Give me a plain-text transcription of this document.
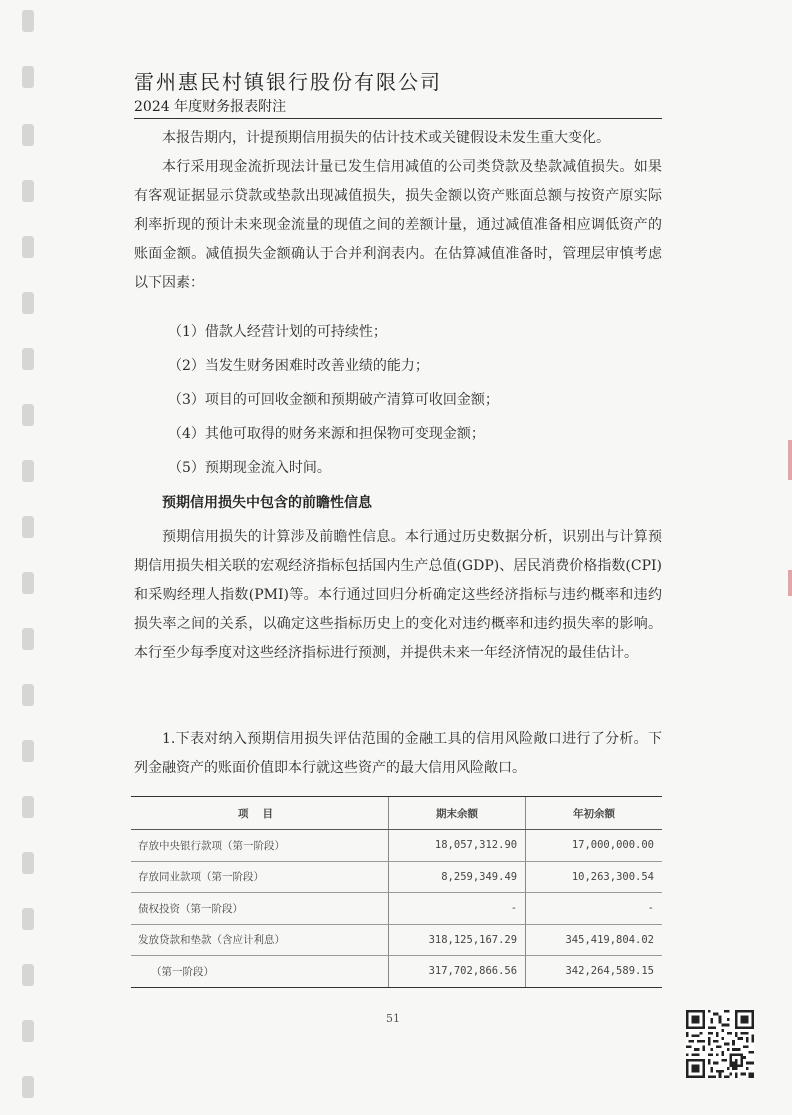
雷州惠民村镇银行股份有限公司
2024 年度财务报表附注

本报告期内，计提预期信用损失的估计技术或关键假设未发生重大变化。

本行采用现金流折现法计量已发生信用减值的公司类贷款及垫款减值损失。如果有客观证据显示贷款或垫款出现减值损失，损失金额以资产账面总额与按资产原实际利率折现的预计未来现金流量的现值之间的差额计量，通过减值准备相应调低资产的账面金额。减值损失金额确认于合并利润表内。在估算减值准备时，管理层审慎考虑以下因素：

（1）借款人经营计划的可持续性；
（2）当发生财务困难时改善业绩的能力；
（3）项目的可回收金额和预期破产清算可收回金额；
（4）其他可取得的财务来源和担保物可变现金额；
（5）预期现金流入时间。
预期信用损失中包含的前瞻性信息

预期信用损失的计算涉及前瞻性信息。本行通过历史数据分析，识别出与计算预期信用损失相关联的宏观经济指标包括国内生产总值(GDP)、居民消费价格指数(CPI)和采购经理人指数(PMI)等。本行通过回归分析确定这些经济指标与违约概率和违约损失率之间的关系，以确定这些指标历史上的变化对违约概率和违约损失率的影响。本行至少每季度对这些经济指标进行预测，并提供未来一年经济情况的最佳估计。

1.下表对纳入预期信用损失评估范围的金融工具的信用风险敞口进行了分析。下列金融资产的账面价值即本行就这些资产的最大信用风险敞口。

项目	期末余额	年初余额
存放中央银行款项（第一阶段）	18,057,312.90	17,000,000.00
存放同业款项（第一阶段）	8,259,349.49	10,263,300.54
债权投资（第一阶段）	-	-
发放贷款和垫款（含应计利息）	318,125,167.29	345,419,804.02
（第一阶段）	317,702,866.56	342,264,589.15
51
